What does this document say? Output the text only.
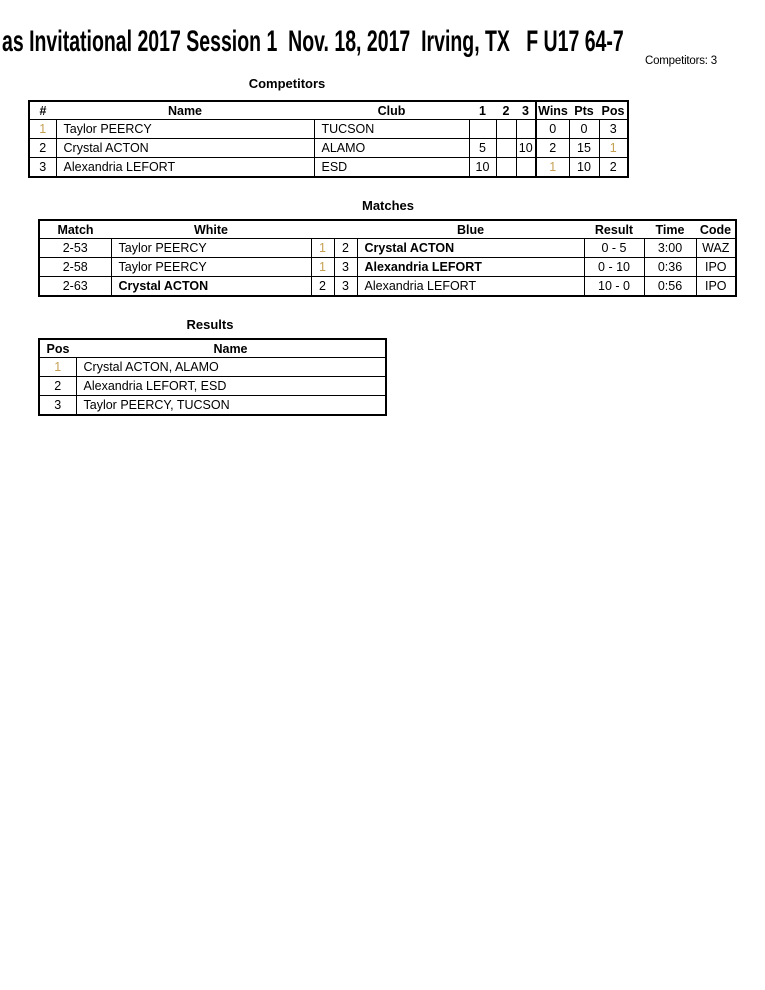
as Invitational 2017 Session 1  Nov. 18, 2017  Irving, TX   F U17 64-7
Competitors: 3
Competitors
#	Name	Club	1	2	3	Wins	Pts	Pos
1	Taylor PEERCY	TUCSON				0	0	3
2	Crystal ACTON	ALAMO	5		10	2	15	1
3	Alexandria LEFORT	ESD	10			1	10	2
Matches
Match	White			Blue	Result	Time	Code
2-53	Taylor PEERCY	1	2	Crystal ACTON	0 - 5	3:00	WAZ
2-58	Taylor PEERCY	1	3	Alexandria LEFORT	0 - 10	0:36	IPO
2-63	Crystal ACTON	2	3	Alexandria LEFORT	10 - 0	0:56	IPO
Results
Pos	Name
1	Crystal ACTON, ALAMO
2	Alexandria LEFORT, ESD
3	Taylor PEERCY, TUCSON
